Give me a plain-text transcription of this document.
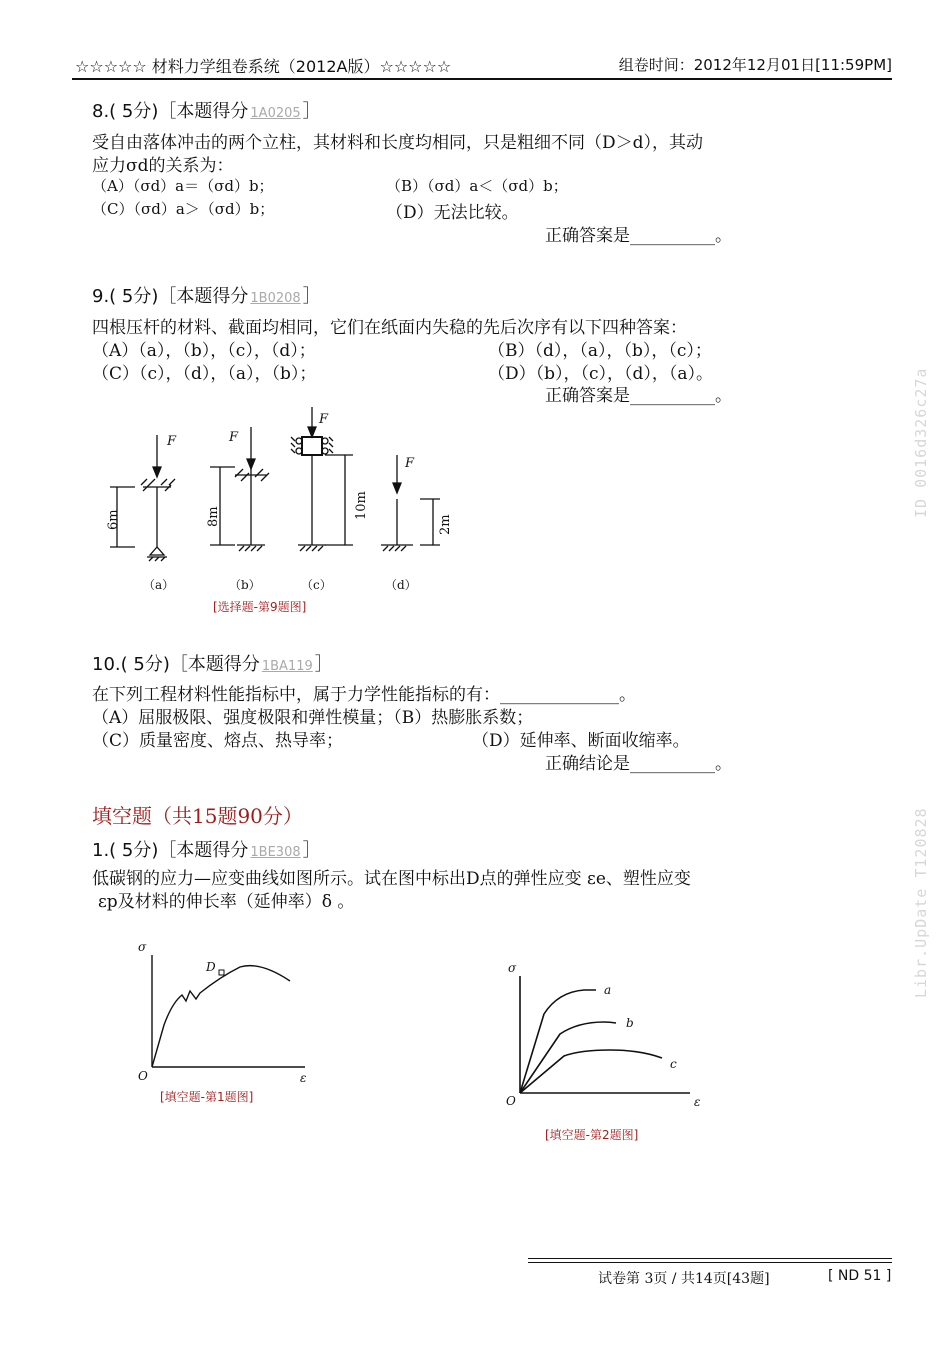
☆☆☆☆☆ 材料力学组卷系统（2012A版）☆☆☆☆☆	组卷时间：2012年12月01日[11:59PM]
8.( 5分)［本题得分 1A0205 ］
受自由落体冲击的两个立柱，其材料和长度均相同，只是粗细不同（D＞d），其动
应力σd的关系为：
（A）（σd）a＝（σd）b；	（B）（σd）a＜（σd）b；
（C）（σd）a＞（σd）b；	（D）无法比较。
正确答案是__________。
9.( 5分)［本题得分 1B0208 ］
四根压杆的材料、截面均相同，它们在纸面内失稳的先后次序有以下四种答案：
（A）（a），（b），（c），（d）；	（B）（d），（a），（b），（c）；
（C）（c），（d），（a），（b）；	（D）（b），（c），（d），（a）。
正确答案是__________。
F	F
F
F
6m	8m	10m
2m
（a）	（b）	（c）	（d）
[选择题-第9题图]
10.( 5分)［本题得分 1BA119 ］
在下列工程材料性能指标中，属于力学性能指标的有：______________。
（A）屈服极限、强度极限和弹性模量；（B）热膨胀系数；
（C）质量密度、熔点、热导率；	（D）延伸率、断面收缩率。
正确结论是__________。
填空题（共15题90分）
1.( 5分)［本题得分 1BE308 ］
低碳钢的应力—应变曲线如图所示。试在图中标出D点的弹性应变 εe、塑性应变
εp及材料的伸长率（延伸率）δ 。
σ
O	ε
D
[填空题-第1题图]
σ
O	ε
a
b
c
[填空题-第2题图]
试卷第 3页 / 共14页[43题]	[ ND 51 ]
ID 0016d326c27a
Libr.UpDate T120828
